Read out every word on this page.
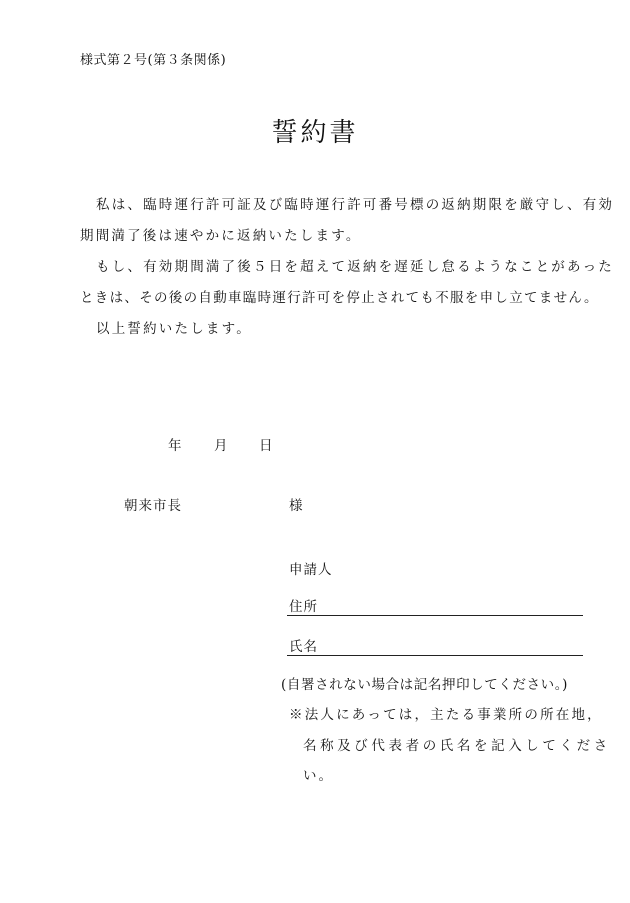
様式第２号(第３条関係)
誓約書
私は、臨時運行許可証及び臨時運行許可番号標の返納期限を厳守し、有効
期間満了後は速やかに返納いたします。
もし、有効期間満了後５日を超えて返納を遅延し怠るようなことがあった
ときは、その後の自動車臨時運行許可を停止されても不服を申し立てません。
以上誓約いたします。
年 月 日
朝来市長	様
申請人
住所
氏名
(自署されない場合は記名押印してください。)
※法人にあっては，主たる事業所の所在地，
名称及び代表者の氏名を記入してくださ
い。
